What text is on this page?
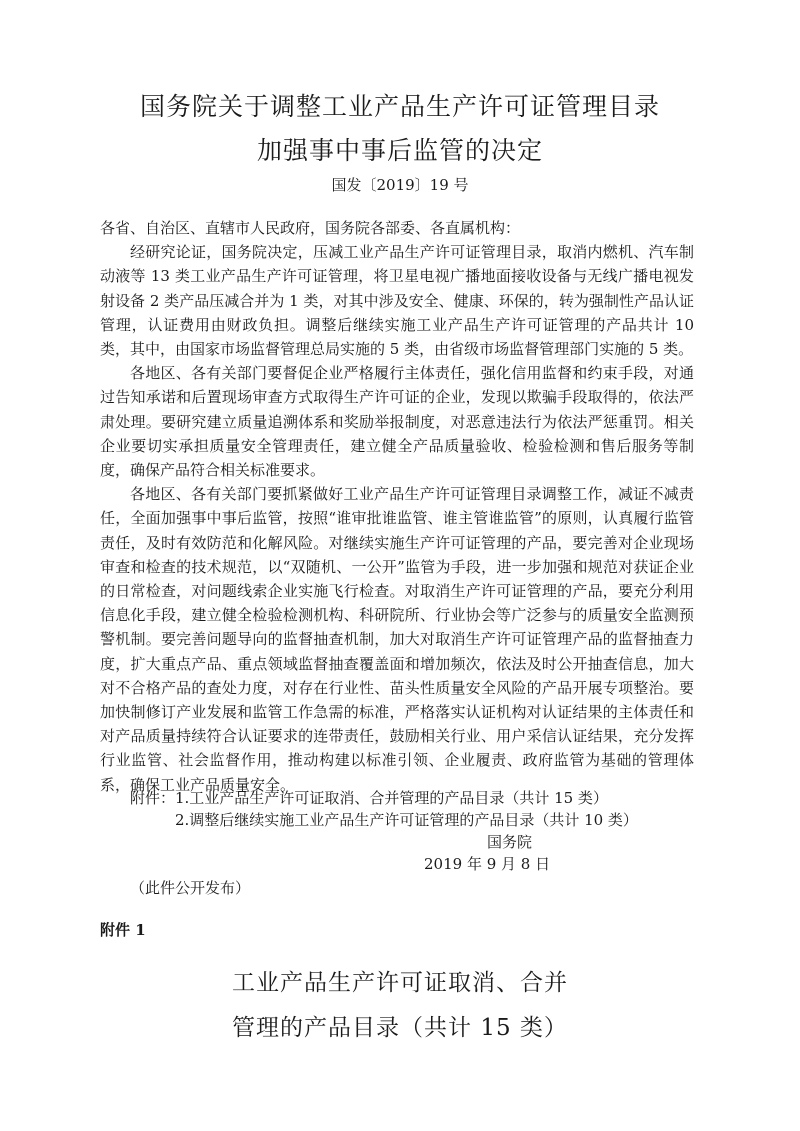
国务院关于调整工业产品生产许可证管理目录
加强事中事后监管的决定
国发〔2019〕19 号

各省、自治区、直辖市人民政府，国务院各部委、各直属机构：

经研究论证，国务院决定，压减工业产品生产许可证管理目录，取消内燃机、汽车制动液等 13 类工业产品生产许可证管理，将卫星电视广播地面接收设备与无线广播电视发射设备 2 类产品压减合并为 1 类，对其中涉及安全、健康、环保的，转为强制性产品认证管理，认证费用由财政负担。调整后继续实施工业产品生产许可证管理的产品共计 10 类，其中，由国家市场监督管理总局实施的 5 类，由省级市场监督管理部门实施的 5 类。

各地区、各有关部门要督促企业严格履行主体责任，强化信用监督和约束手段，对通过告知承诺和后置现场审查方式取得生产许可证的企业，发现以欺骗手段取得的，依法严肃处理。要研究建立质量追溯体系和奖励举报制度，对恶意违法行为依法严惩重罚。相关企业要切实承担质量安全管理责任，建立健全产品质量验收、检验检测和售后服务等制度，确保产品符合相关标准要求。

各地区、各有关部门要抓紧做好工业产品生产许可证管理目录调整工作，减证不减责任，全面加强事中事后监管，按照“谁审批谁监管、谁主管谁监管”的原则，认真履行监管责任，及时有效防范和化解风险。对继续实施生产许可证管理的产品，要完善对企业现场审查和检查的技术规范，以“双随机、一公开”监管为手段，进一步加强和规范对获证企业的日常检查，对问题线索企业实施飞行检查。对取消生产许可证管理的产品，要充分利用信息化手段，建立健全检验检测机构、科研院所、行业协会等广泛参与的质量安全监测预警机制。要完善问题导向的监督抽查机制，加大对取消生产许可证管理产品的监督抽查力度，扩大重点产品、重点领域监督抽查覆盖面和增加频次，依法及时公开抽查信息，加大对不合格产品的查处力度，对存在行业性、苗头性质量安全风险的产品开展专项整治。要加快制修订产业发展和监管工作急需的标准，严格落实认证机构对认证结果的主体责任和对产品质量持续符合认证要求的连带责任，鼓励相关行业、用户采信认证结果，充分发挥行业监管、社会监督作用，推动构建以标准引领、企业履责、政府监管为基础的管理体系，确保工业产品质量安全。

附件：1.工业产品生产许可证取消、合并管理的产品目录（共计 15 类）
2.调整后继续实施工业产品生产许可证管理的产品目录（共计 10 类）
国务院
2019 年 9 月 8 日
（此件公开发布）
附件 1
工业产品生产许可证取消、合并
管理的产品目录（共计 15 类）
